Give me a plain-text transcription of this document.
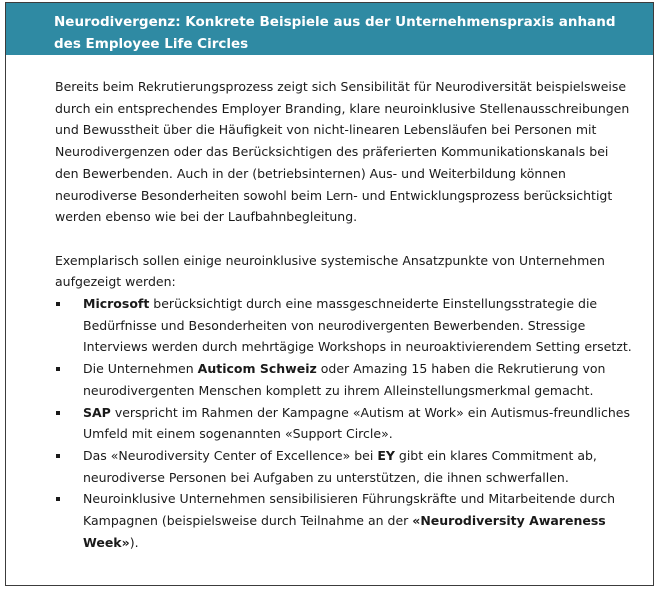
Neurodivergenz: Konkrete Beispiele aus der Unternehmenspraxis anhand des Employee Life Circles

Bereits beim Rekrutierungsprozess zeigt sich Sensibilität für Neurodiversität beispielsweise durch ein entsprechendes Employer Branding, klare neuroinklusive Stellenausschreibungen und Bewusstheit über die Häufigkeit von nicht-linearen Lebensläufen bei Personen mit Neurodivergenzen oder das Berücksichtigen des präferierten Kommunikationskanals bei den Bewerbenden. Auch in der (betriebsinternen) Aus- und Weiterbildung können neurodiverse Besonderheiten sowohl beim Lern- und Entwicklungsprozess berücksichtigt werden ebenso wie bei der Laufbahnbegleitung.

Exemplarisch sollen einige neuroinklusive systemische Ansatzpunkte von Unternehmen aufgezeigt werden:

Microsoft berücksichtigt durch eine massgeschneiderte Einstellungsstrategie die Bedürfnisse und Besonderheiten von neurodivergenten Bewerbenden. Stressige Interviews werden durch mehrtägige Workshops in neuroaktivierendem Setting ersetzt.
Die Unternehmen Auticom Schweiz oder Amazing 15 haben die Rekrutierung von neurodivergenten Menschen komplett zu ihrem Alleinstellungsmerkmal gemacht.
SAP verspricht im Rahmen der Kampagne «Autism at Work» ein Autismus-freundliches Umfeld mit einem sogenannten «Support Circle».
Das «Neurodiversity Center of Excellence» bei EY gibt ein klares Commitment ab, neurodiverse Personen bei Aufgaben zu unterstützen, die ihnen schwerfallen.
Neuroinklusive Unternehmen sensibilisieren Führungskräfte und Mitarbeitende durch Kampagnen (beispielsweise durch Teilnahme an der «Neurodiversity Awareness Week»).
